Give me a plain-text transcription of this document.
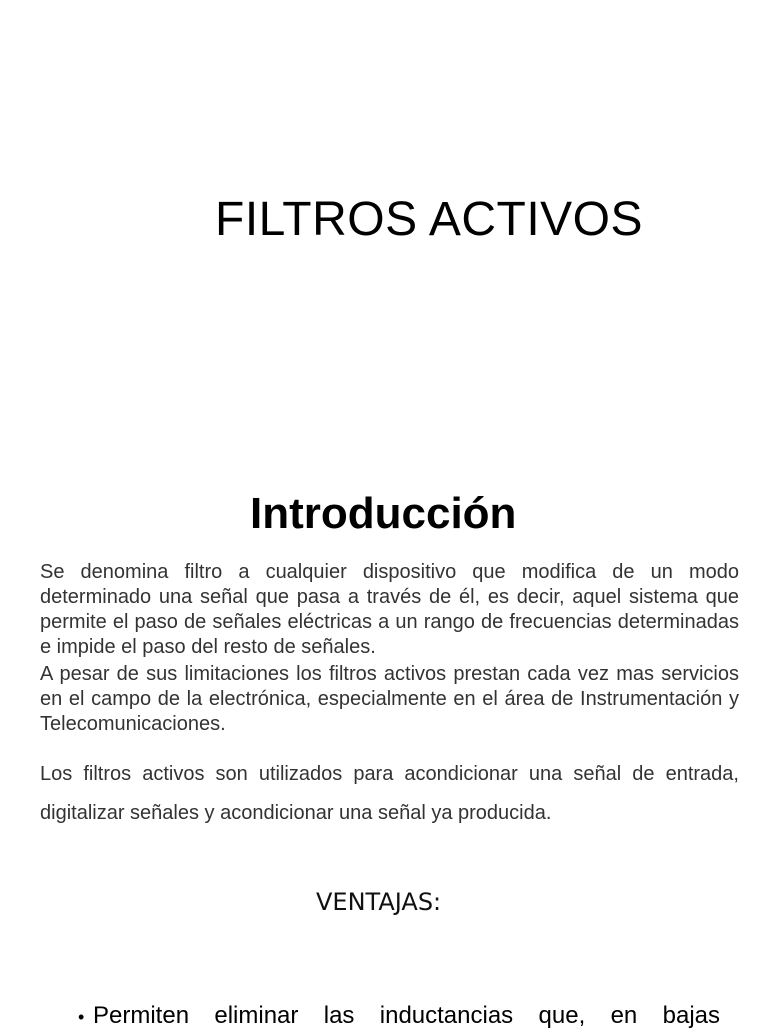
FILTROS ACTIVOS
Introducción

Se denomina filtro a cualquier dispositivo que modifica de un modo determinado una señal que pasa a través de él, es decir, aquel sistema que permite el paso de señales eléctricas a un rango de frecuencias determinadas e impide el paso del resto de señales.

A pesar de sus limitaciones los filtros activos prestan cada vez mas servicios en el campo de la electrónica, especialmente en el área de Instrumentación y Telecomunicaciones.

Los filtros activos son utilizados para acondicionar una señal de entrada, digitalizar señales y acondicionar una señal ya producida.

VENTAJAS:
• Permiten eliminar las inductancias que, en bajas
